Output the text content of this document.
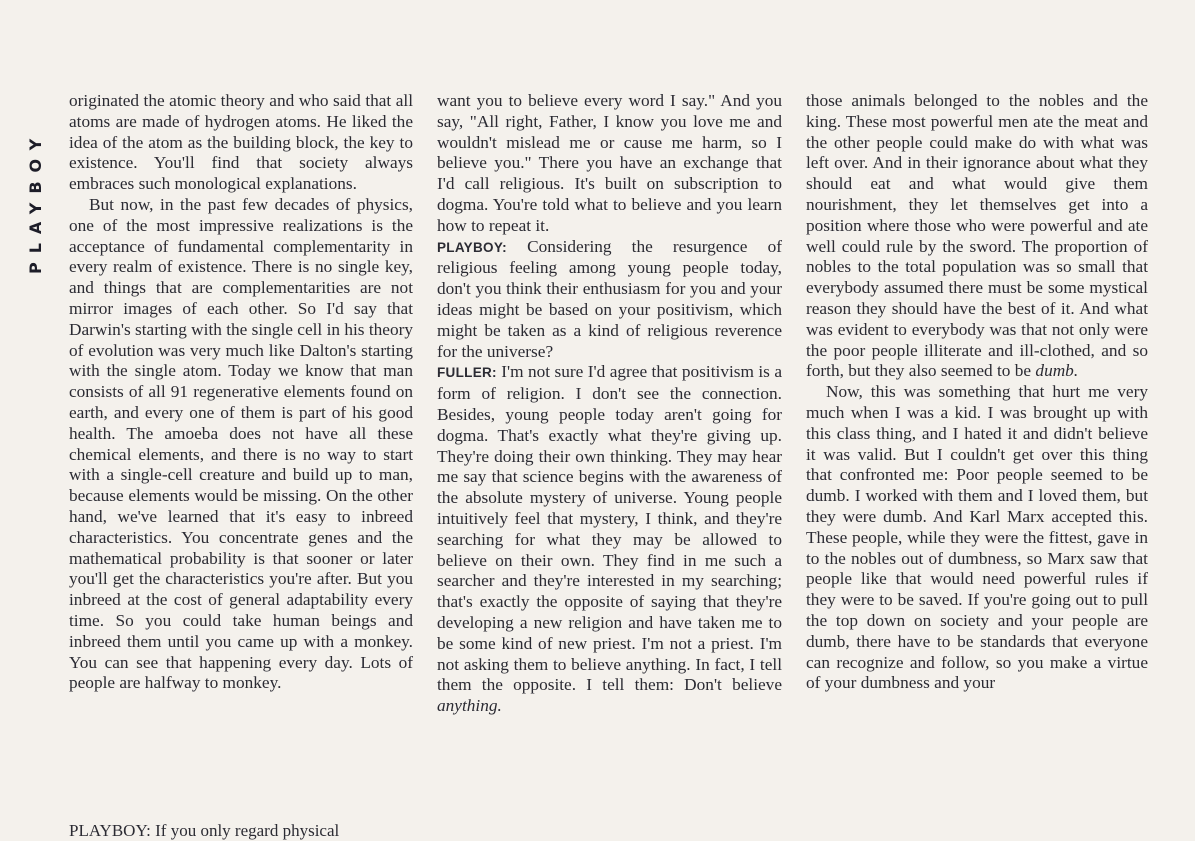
PLAYBOY

originated the atomic theory and who said that all atoms are made of hydrogen atoms. He liked the idea of the atom as the building block, the key to existence. You'll find that society always embraces such monological explanations.

But now, in the past few decades of physics, one of the most impressive realizations is the acceptance of fundamental complementarity in every realm of existence. There is no single key, and things that are complementarities are not mirror images of each other. So I'd say that Darwin's starting with the single cell in his theory of evolution was very much like Dalton's starting with the single atom. Today we know that man consists of all 91 regenerative elements found on earth, and every one of them is part of his good health. The amoeba does not have all these chemical elements, and there is no way to start with a single-cell creature and build up to man, because elements would be missing. On the other hand, we've learned that it's easy to inbreed characteristics. You concentrate genes and the mathematical probability is that sooner or later you'll get the characteristics you're after. But you inbreed at the cost of general adaptability every time. So you could take human beings and inbreed them until you came up with a monkey. You can see that happening every day. Lots of people are halfway to monkey.

PLAYBOY: If you only regard physical

want you to believe every word I say." And you say, "All right, Father, I know you love me and wouldn't mislead me or cause me harm, so I believe you." There you have an exchange that I'd call religious. It's built on subscription to dogma. You're told what to believe and you learn how to repeat it.

PLAYBOY: Considering the resurgence of religious feeling among young people today, don't you think their enthusiasm for you and your ideas might be based on your positivism, which might be taken as a kind of religious reverence for the universe?

FULLER: I'm not sure I'd agree that positivism is a form of religion. I don't see the connection. Besides, young people today aren't going for dogma. That's exactly what they're giving up. They're doing their own thinking. They may hear me say that science begins with the awareness of the absolute mystery of universe. Young people intuitively feel that mystery, I think, and they're searching for what they may be allowed to believe on their own. They find in me such a searcher and they're interested in my searching; that's exactly the opposite of saying that they're developing a new religion and have taken me to be some kind of new priest. I'm not a priest. I'm not asking them to believe anything. In fact, I tell them the opposite. I tell them: Don't believe anything.

those animals belonged to the nobles and the king. These most powerful men ate the meat and the other people could make do with what was left over. And in their ignorance about what they should eat and what would give them nourishment, they let themselves get into a position where those who were powerful and ate well could rule by the sword. The proportion of nobles to the total population was so small that everybody assumed there must be some mystical reason they should have the best of it. And what was evident to everybody was that not only were the poor people illiterate and ill-clothed, and so forth, but they also seemed to be dumb.

Now, this was something that hurt me very much when I was a kid. I was brought up with this class thing, and I hated it and didn't believe it was valid. But I couldn't get over this thing that confronted me: Poor people seemed to be dumb. I worked with them and I loved them, but they were dumb. And Karl Marx accepted this. These people, while they were the fittest, gave in to the nobles out of dumbness, so Marx saw that people like that would need powerful rules if they were to be saved. If you're going out to pull the top down on society and your people are dumb, there have to be standards that everyone can recognize and follow, so you make a virtue of your dumbness and your
